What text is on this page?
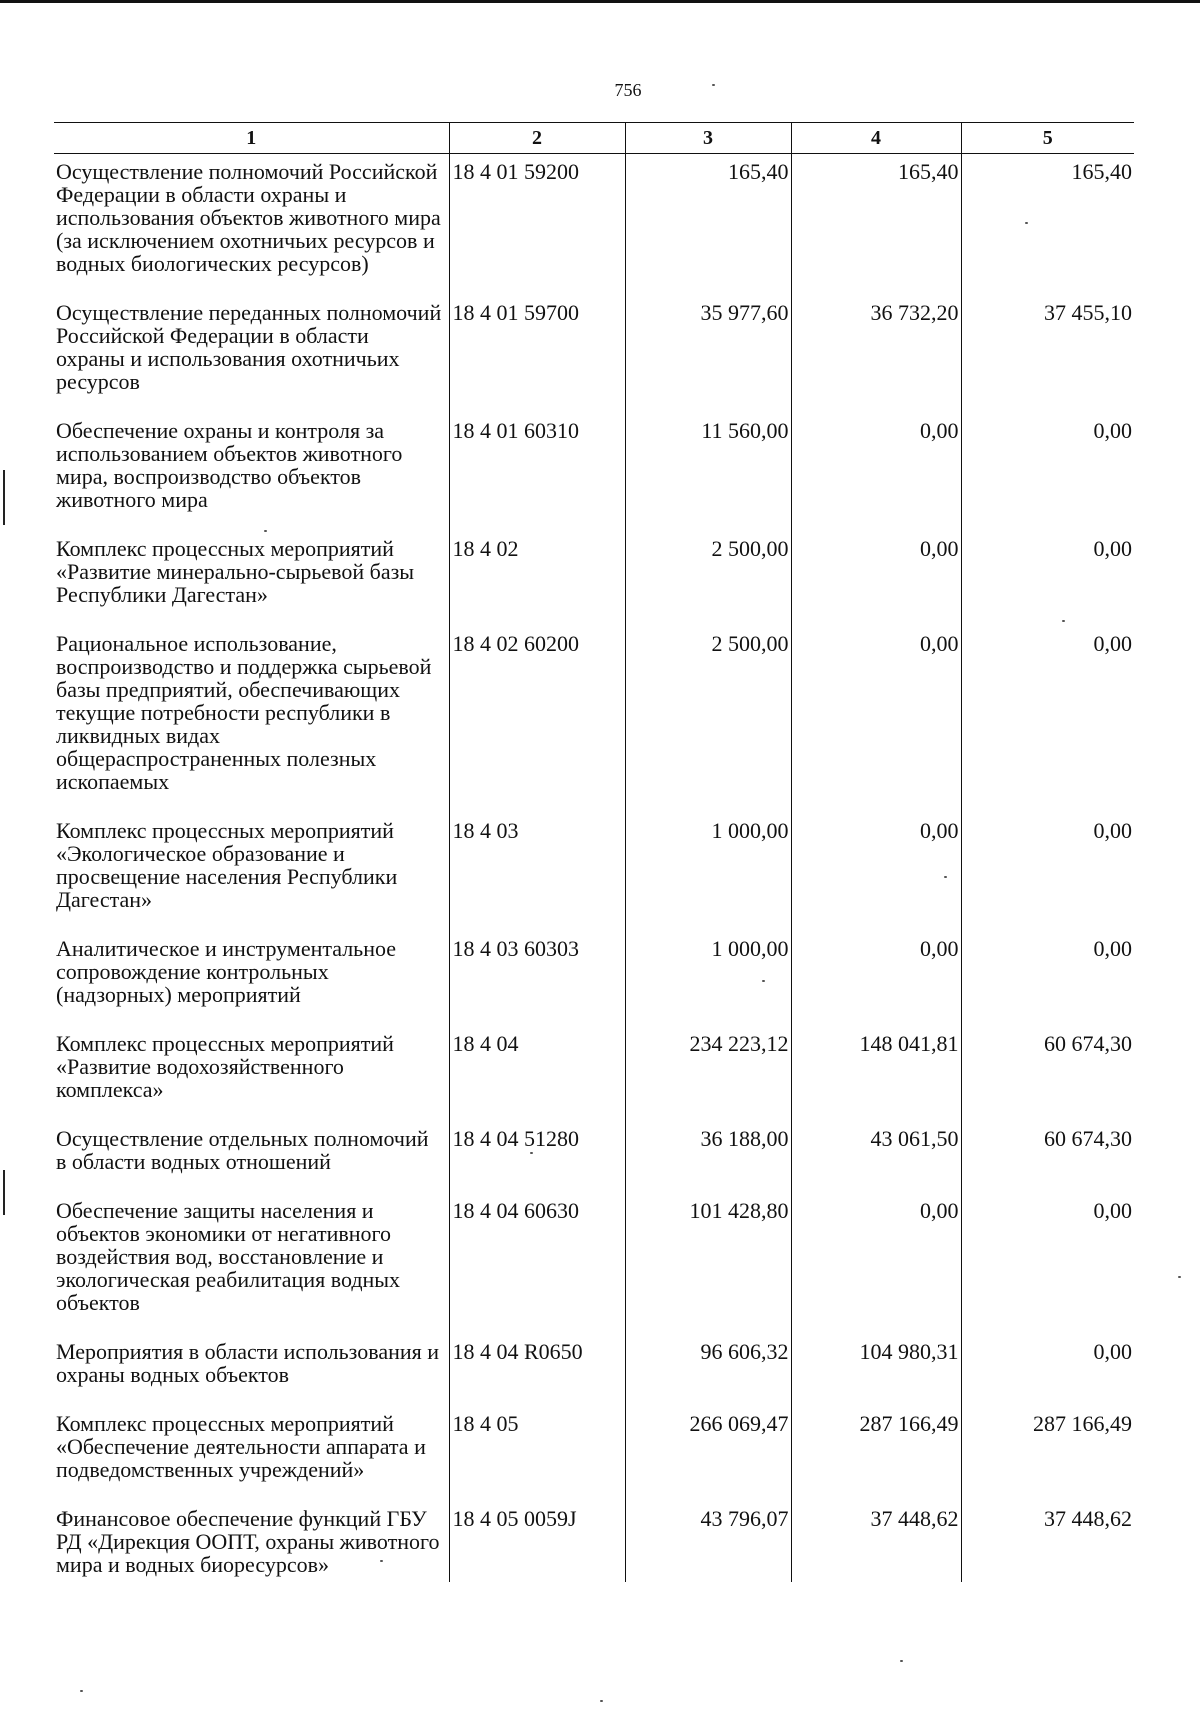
756
1	2	3	4	5
Осуществление полномочий Российской Федерации в области охраны и использования объектов животного мира (за исключением охотничьих ресурсов и водных биологических ресурсов)	18 4 01 59200	165,40	165,40	165,40
Осуществление переданных полномочий Российской Федерации в области охраны и использования охотничьих ресурсов	18 4 01 59700	35 977,60	36 732,20	37 455,10
Обеспечение охраны и контроля за использованием объектов животного мира, воспроизводство объектов животного мира	18 4 01 60310	11 560,00	0,00	0,00
Комплекс процессных мероприятий «Развитие минерально-сырьевой базы Республики Дагестан»	18 4 02	2 500,00	0,00	0,00
Рациональное использование, воспроизводство и поддержка сырьевой базы предприятий, обеспечивающих текущие потребности республики в ликвидных видах общераспространенных полезных ископаемых	18 4 02 60200	2 500,00	0,00	0,00
Комплекс процессных мероприятий «Экологическое образование и просвещение населения Республики Дагестан»	18 4 03	1 000,00	0,00	0,00
Аналитическое и инструментальное сопровождение контрольных (надзорных) мероприятий	18 4 03 60303	1 000,00	0,00	0,00
Комплекс процессных мероприятий «Развитие водохозяйственного комплекса»	18 4 04	234 223,12	148 041,81	60 674,30
Осуществление отдельных полномочий в области водных отношений	18 4 04 51280	36 188,00	43 061,50	60 674,30
Обеспечение защиты населения и объектов экономики от негативного воздействия вод, восстановление и экологическая реабилитация водных объектов	18 4 04 60630	101 428,80	0,00	0,00
Мероприятия в области использования и охраны водных объектов	18 4 04 R0650	96 606,32	104 980,31	0,00
Комплекс процессных мероприятий «Обеспечение деятельности аппарата и подведомственных учреждений»	18 4 05	266 069,47	287 166,49	287 166,49
Финансовое обеспечение функций ГБУ РД «Дирекция ООПТ, охраны животного мира и водных биоресурсов»	18 4 05 0059J	43 796,07	37 448,62	37 448,62
